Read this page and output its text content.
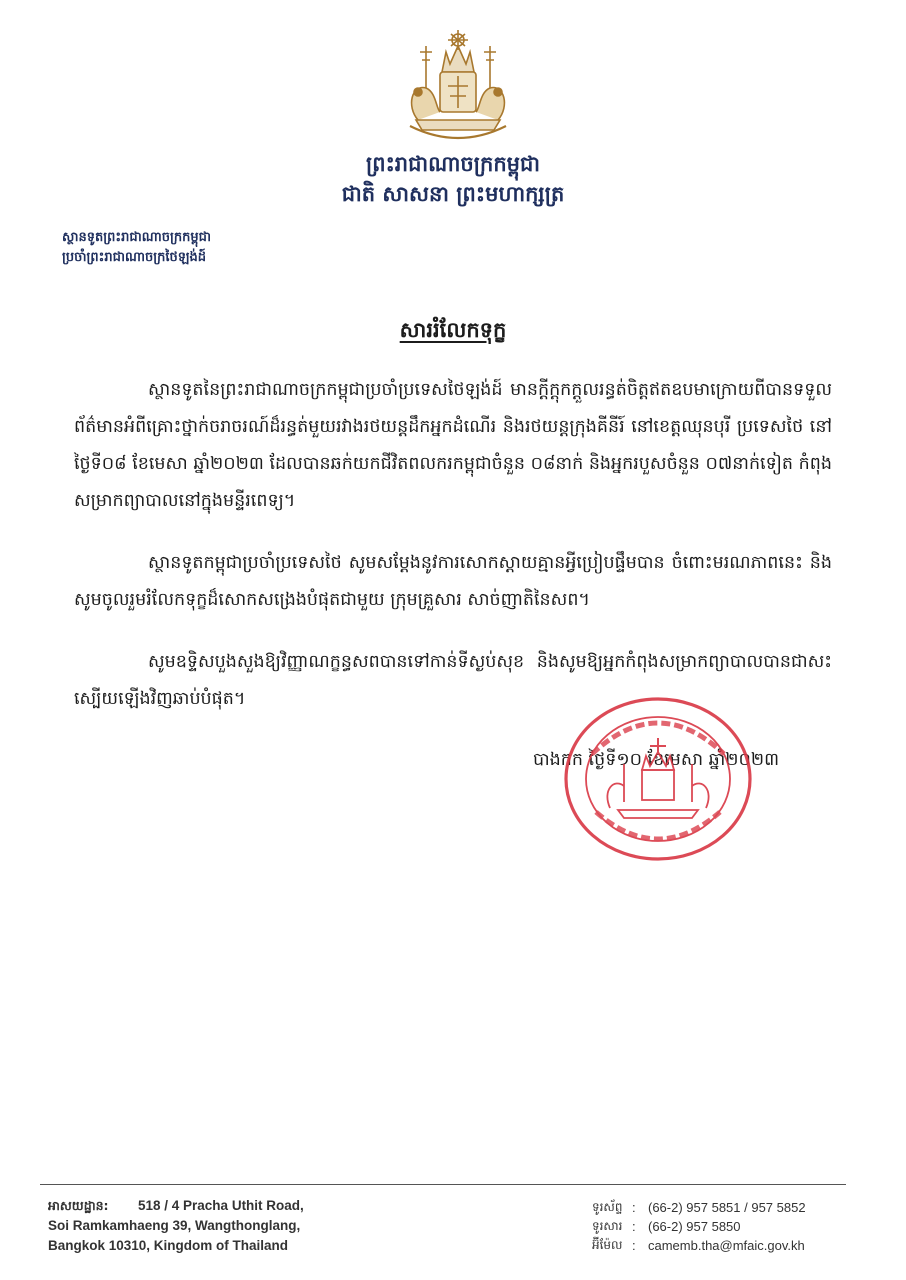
ព្រះរាជាណាចក្រកម្ពុជា
ជាតិ សាសនា ព្រះមហាក្សត្រ
ស្ថានទូតព្រះរាជាណាចក្រកម្ពុជា
ប្រចាំព្រះរាជាណាចក្រថៃឡង់ដ៍
សាររំលែកទុក្ខ
ស្ថានទូតនៃព្រះរាជាណាចក្រកម្ពុជាប្រចាំប្រទេសថៃឡង់ដ៍ មានក្តីក្តុកក្តួលរន្ធត់ចិត្តឥតឧបមាក្រោយពីបានទទួលព័ត៌មានអំពីគ្រោះថ្នាក់ចរាចរណ៍ដ៏រន្ធត់មួយរវាងរថយន្តដឹកអ្នកដំណើរ និងរថយន្តក្រុងគីនីរ៍ នៅខេត្តឈុនបុរី ប្រទេសថៃ នៅថ្ងៃទី០៨ ខែមេសា ឆ្នាំ២០២៣ ដែលបានឆក់យកជីវិតពលករកម្ពុជាចំនួន ០៨នាក់ និងអ្នករបួសចំនួន ០៧នាក់ទៀត កំពុងសម្រាកព្យាបាលនៅក្នុងមន្ទីរពេទ្យ។
ស្ថានទូតកម្ពុជាប្រចាំប្រទេសថៃ សូមសម្តែងនូវការសោកស្តាយគ្មានអ្វីប្រៀបផ្ទឹមបាន ចំពោះមរណភាពនេះ និងសូមចូលរួមរំលែកទុក្ខដ៏សោកសង្រេងបំផុតជាមួយ ក្រុមគ្រួសារ សាច់ញាតិនៃសព។
សូមឧទ្ទិសបួងសួងឱ្យវិញ្ញាណក្ខន្ធសពបានទៅកាន់ទីស្ងប់សុខ និងសូមឱ្យអ្នកកំពុងសម្រាកព្យាបាលបានជាសះស្បើយឡើងវិញឆាប់បំផុត។
បាងកក ថ្ងៃទី១០ ខែមេសា ឆ្នាំ២០២៣
អាសយដ្ឋាន:	518 / 4 Pracha Uthit Road,
Soi Ramkamhaeng 39, Wangthonglang,
Bangkok 10310, Kingdom of Thailand
ទូរស័ព្ទ : (66-2) 957 5851 / 957 5852
ទូរសារ : (66-2) 957 5850
អ៊ីម៉ែល : camemb.tha@mfaic.gov.kh
